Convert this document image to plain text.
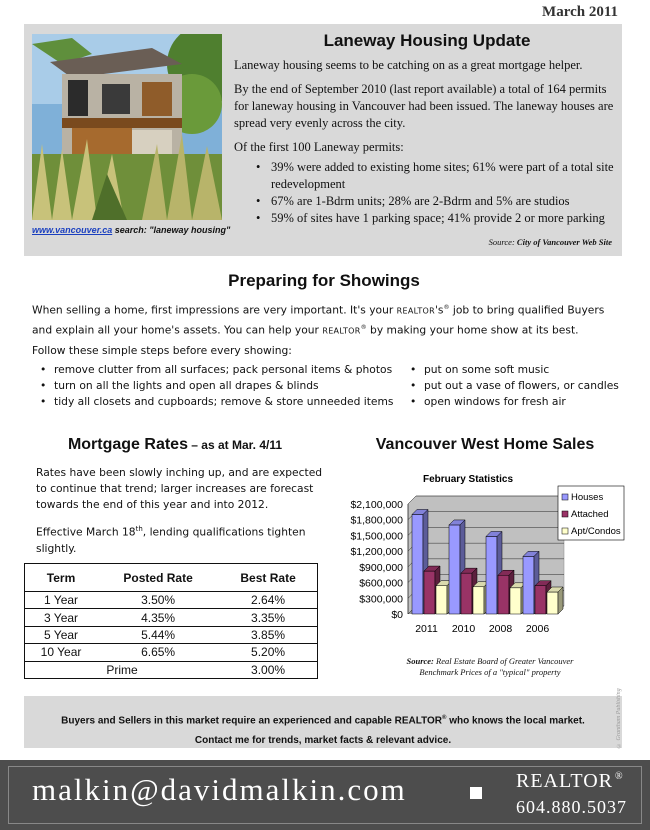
March 2011
www.vancouver.ca search: "laneway housing"
Laneway Housing Update

Laneway housing seems to be catching on as a great mortgage helper.

By the end of September 2010 (last report available) a total of 164 permits for laneway housing in Vancouver had been issued. The laneway houses are spread very evenly across the city.

Of the first 100 Laneway permits:

• 39% were added to existing home sites; 61% were part of a total site redevelopment
• 67% are 1-Bdrm units; 28% are 2-Bdrm and 5% are studios
• 59% of sites have 1 parking space; 41% provide 2 or more parking
Source: City of Vancouver Web Site
Preparing for Showings

When selling a home, first impressions are very important. It's your REALTOR's® job to bring qualified Buyers and explain all your home's assets. You can help your REALTOR® by making your home show at its best.

Follow these simple steps before every showing:

• remove clutter from all surfaces; pack personal items & photos
• turn on all the lights and open all drapes & blinds
• tidy all closets and cupboards; remove & store unneeded items
• put on some soft music
• put out a vase of flowers, or candles
• open windows for fresh air
Mortgage Rates – as at Mar. 4/11

Rates have been slowly inching up, and are expected to continue that trend; larger increases are forecast towards the end of this year and into 2012.

Effective March 18th, lending qualifications tighten slightly.

Term	Posted Rate	Best Rate
1 Year	3.50%	2.64%
3 Year	4.35%	3.35%
5 Year	5.44%	3.85%
10 Year	6.65%	5.20%
Prime		3.00%
Vancouver West Home Sales
February Statistics
$0
$300,000
$600,000
$900,000
$1,200,000
$1,500,000
$1,800,000
$2,100,000
2011 2010 2008 2006
Houses
Attached
Apt/Condos
Source: Real Estate Board of Greater Vancouver
Benchmark Prices of a "typical" property
Buyers and Sellers in this market require an experienced and capable REALTOR® who knows the local market.
Contact me for trends, market facts & relevant advice.	© Grantham Publishing
malkin@davidmalkin.com	REALTOR ®
604.880.5037
